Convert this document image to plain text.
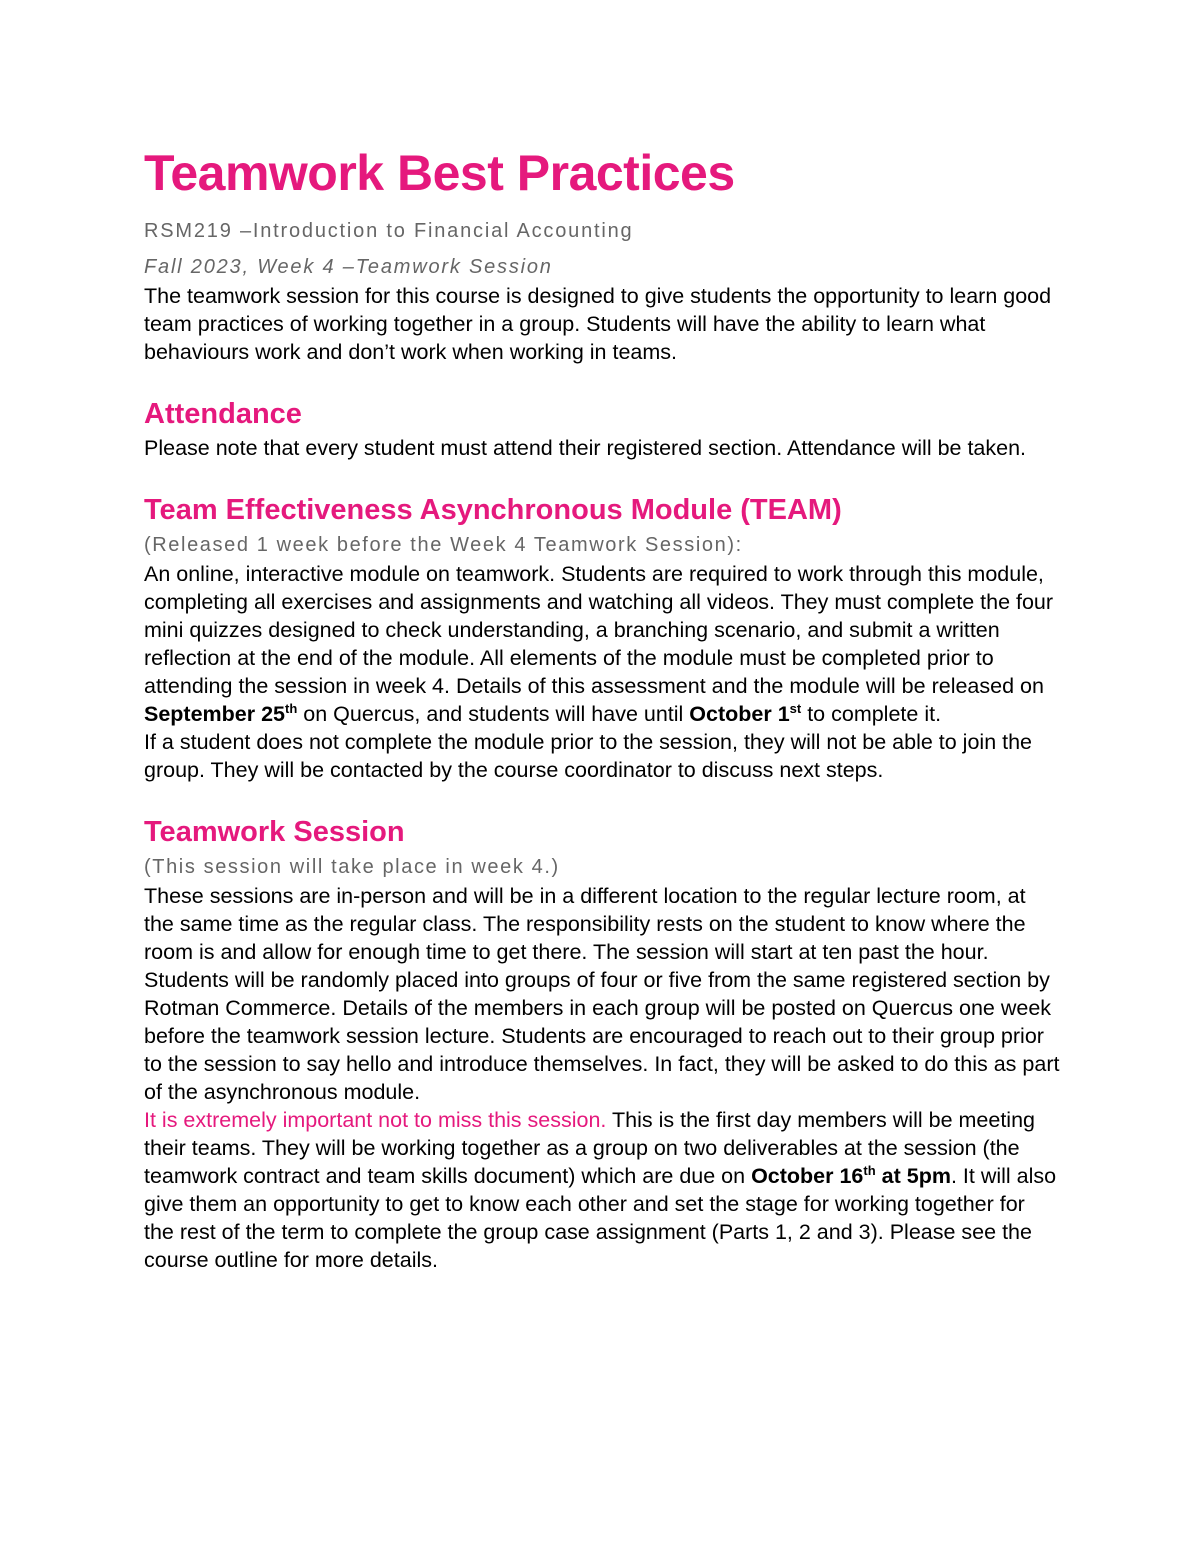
Teamwork Best Practices
RSM219 –Introduction to Financial Accounting
Fall 2023, Week 4 –Teamwork Session

The teamwork session for this course is designed to give students the opportunity to learn good team practices of working together in a group. Students will have the ability to learn what behaviours work and don’t work when working in teams.

Attendance

Please note that every student must attend their registered section. Attendance will be taken.

Team Effectiveness Asynchronous Module (TEAM)
(Released 1 week before the Week 4 Teamwork Session):

An online, interactive module on teamwork. Students are required to work through this module, completing all exercises and assignments and watching all videos. They must complete the four mini quizzes designed to check understanding, a branching scenario, and submit a written reflection at the end of the module. All elements of the module must be completed prior to attending the session in week 4. Details of this assessment and the module will be released on September 25th on Quercus, and students will have until October 1st to complete it.

If a student does not complete the module prior to the session, they will not be able to join the group. They will be contacted by the course coordinator to discuss next steps.

Teamwork Session
(This session will take place in week 4.)

These sessions are in-person and will be in a different location to the regular lecture room, at the same time as the regular class. The responsibility rests on the student to know where the room is and allow for enough time to get there. The session will start at ten past the hour.

Students will be randomly placed into groups of four or five from the same registered section by Rotman Commerce. Details of the members in each group will be posted on Quercus one week before the teamwork session lecture. Students are encouraged to reach out to their group prior to the session to say hello and introduce themselves. In fact, they will be asked to do this as part of the asynchronous module.

It is extremely important not to miss this session. This is the first day members will be meeting their teams. They will be working together as a group on two deliverables at the session (the teamwork contract and team skills document) which are due on October 16th at 5pm. It will also give them an opportunity to get to know each other and set the stage for working together for the rest of the term to complete the group case assignment (Parts 1, 2 and 3). Please see the course outline for more details.
